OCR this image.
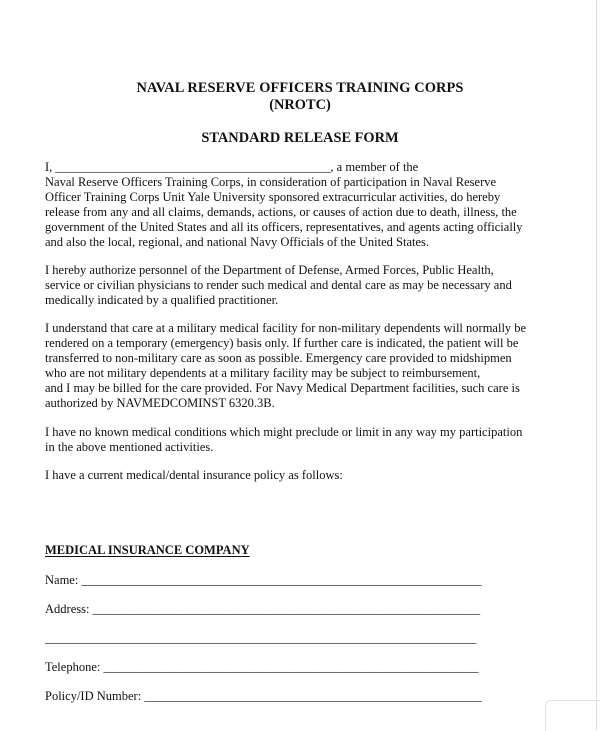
NAVAL RESERVE OFFICERS TRAINING CORPS
(NROTC)
STANDARD RELEASE FORM

I, ____________________________________________, a member of the
Naval Reserve Officers Training Corps, in consideration of participation in Naval Reserve
Officer Training Corps Unit Yale University sponsored extracurricular activities, do hereby
release from any and all claims, demands, actions, or causes of action due to death, illness, the
government of the United States and all its officers, representatives, and agents acting officially
and also the local, regional, and national Navy Officials of the United States.

I hereby authorize personnel of the Department of Defense, Armed Forces, Public Health,
service or civilian physicians to render such medical and dental care as may be necessary and
medically indicated by a qualified practitioner.

I understand that care at a military medical facility for non-military dependents will normally be
rendered on a temporary (emergency) basis only. If further care is indicated, the patient will be
transferred to non-military care as soon as possible. Emergency care provided to midshipmen
who are not military dependents at a military facility may be subject to reimbursement,
and I may be billed for the care provided. For Navy Medical Department facilities, such care is
authorized by NAVMEDCOMINST 6320.3B.

I have no known medical conditions which might preclude or limit in any way my participation
in the above mentioned activities.

I have a current medical/dental insurance policy as follows:

MEDICAL INSURANCE COMPANY
Name: ________________________________________________________________
Address: ______________________________________________________________
_____________________________________________________________________
Telephone: ____________________________________________________________
Policy/ID Number: ______________________________________________________
